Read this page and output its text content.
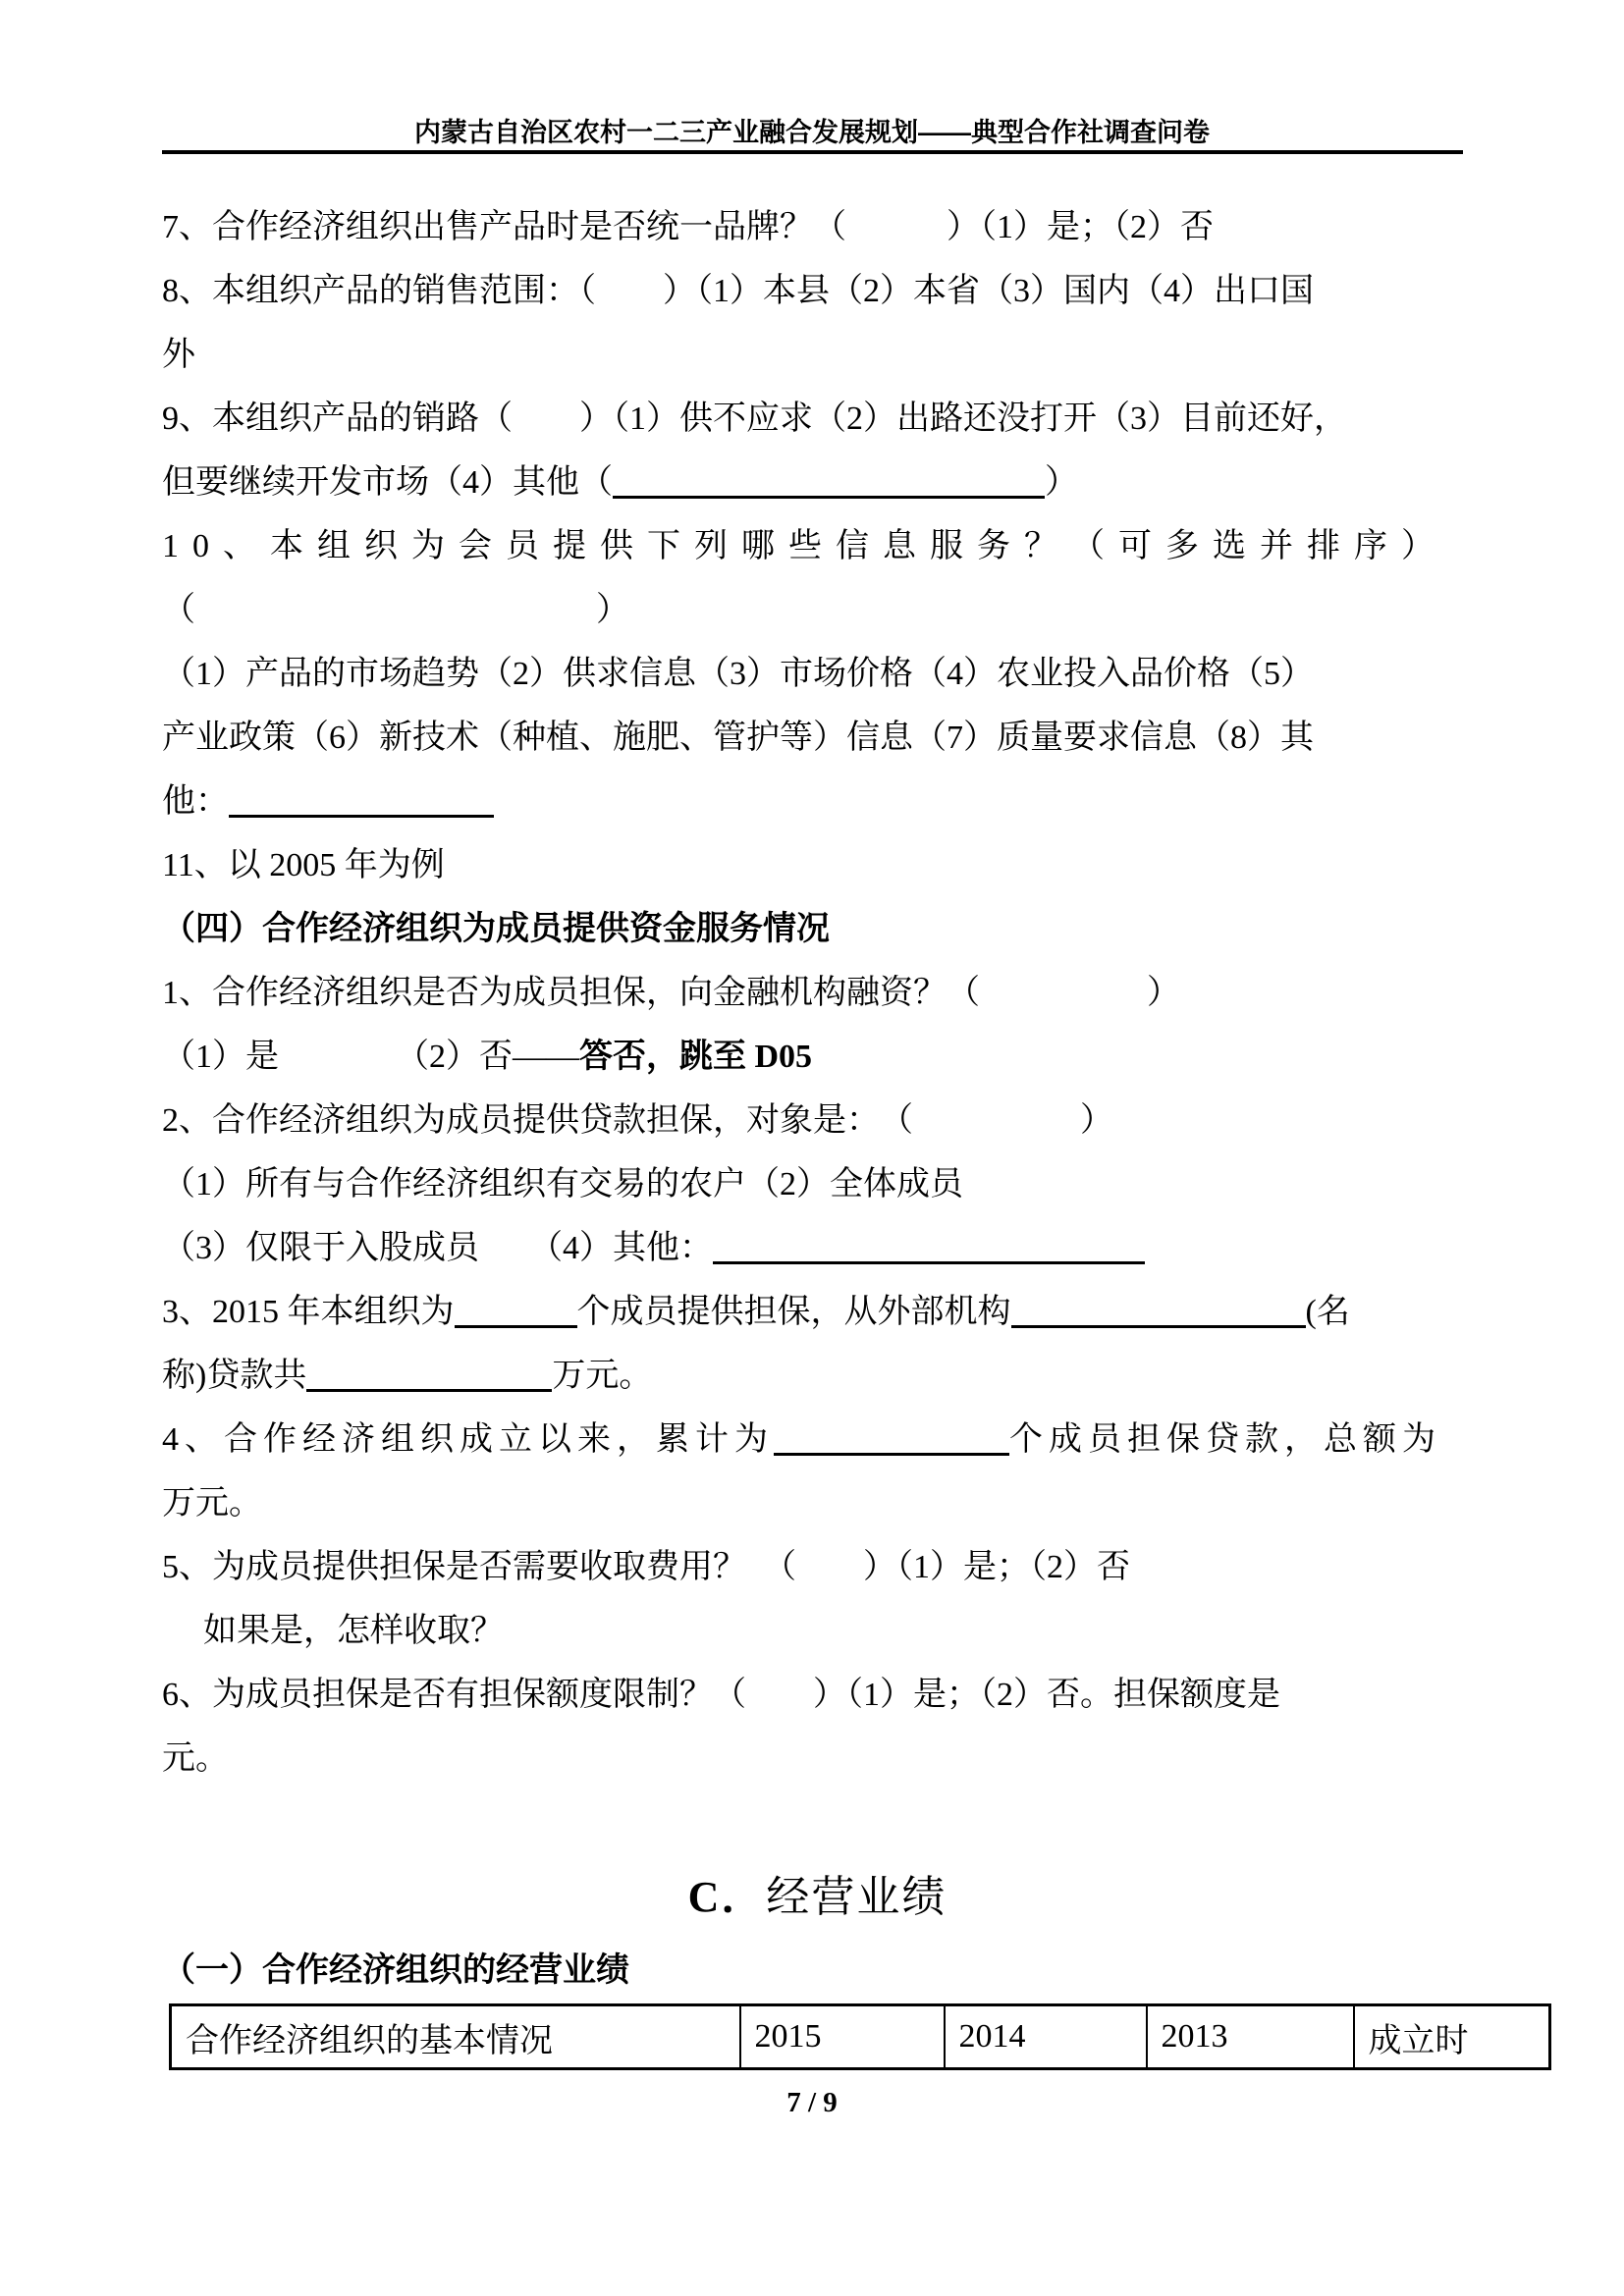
内蒙古自治区农村一二三产业融合发展规划——典型合作社调查问卷
7、合作经济组织出售产品时是否统一品牌？（　　　）（1）是；（2）否
8、本组织产品的销售范围：（　　）（1）本县（2）本省（3）国内（4）出口国
外
9、本组织产品的销路（　　）（1）供不应求（2）出路还没打开（3）目前还好，
但要继续开发市场（4）其他（	）
10、本组织为会员提供下列哪些信息服务？（可多选并排序）
（　　　　　　　　　　　　）
（1）产品的市场趋势（2）供求信息（3）市场价格（4）农业投入品价格（5）
产业政策（6）新技术（种植、施肥、管护等）信息（7）质量要求信息（8）其
他：
11、以 2005 年为例
（四）合作经济组织为成员提供资金服务情况
1、合作经济组织是否为成员担保，向金融机构融资？（　　　　　）
（1）是　　　　（2）否——答否，跳至 D05
2、合作经济组织为成员提供贷款担保，对象是：　（　　　　　）
（1）所有与合作经济组织有交易的农户（2）全体成员
（3）仅限于入股成员　　（4）其他：
3、2015 年本组织为	个成员提供担保，从外部机构	(名
称)贷款共	万元。
4、合作经济组织成立以来，累计为	个成员担保贷款，总额为
万元。
5、为成员提供担保是否需要收取费用？　（　　）（1）是；（2）否
如果是，怎样收取？
6、为成员担保是否有担保额度限制？（　　）（1）是；（2）否。担保额度是
元。
C．经营业绩
（一）合作经济组织的经营业绩
合作经济组织的基本情况	2015	2014	2013	成立时
7 / 9
